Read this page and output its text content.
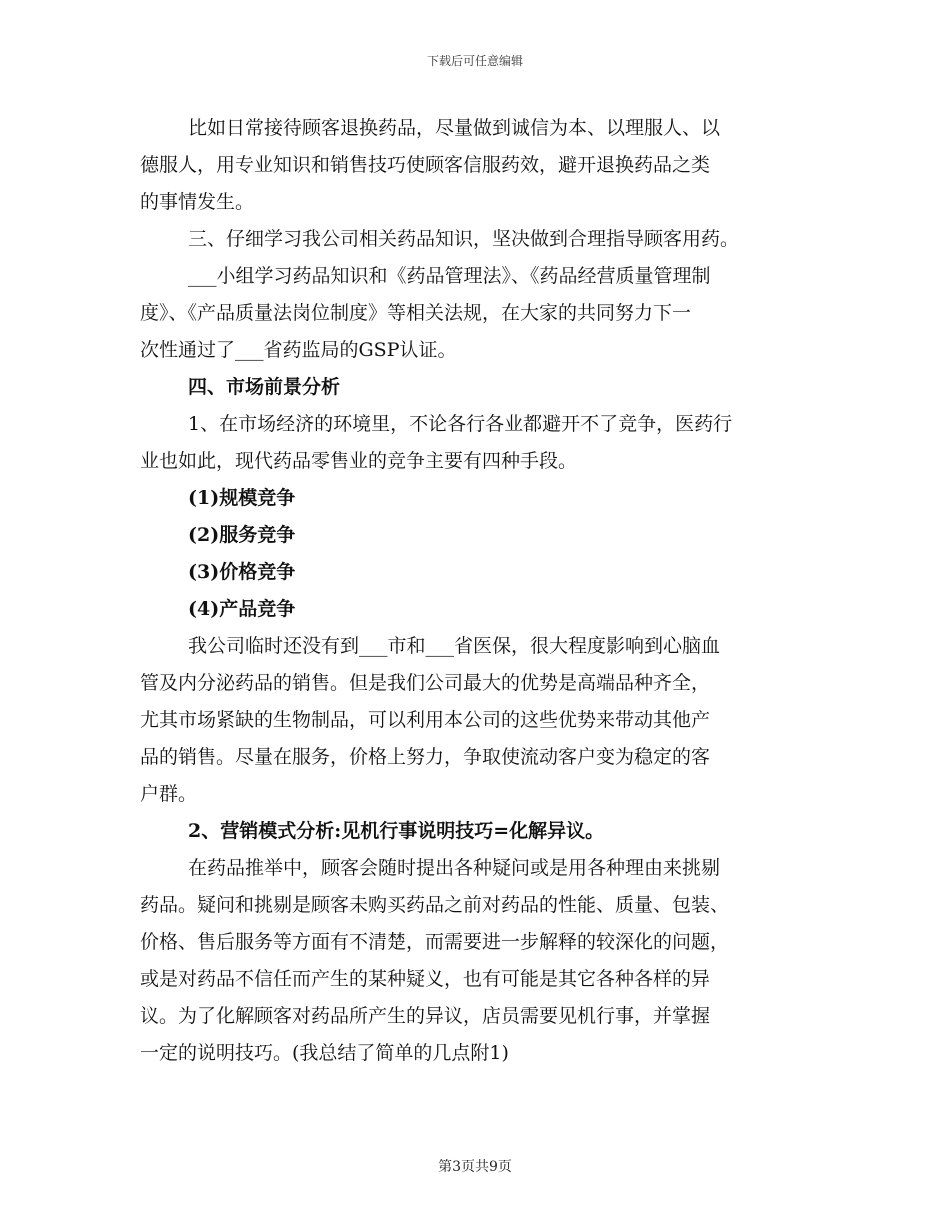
下载后可任意编辑

比如日常接待顾客退换药品，尽量做到诚信为本、以理服人、以

德服人，用专业知识和销售技巧使顾客信服药效，避开退换药品之类

的事情发生。

三、仔细学习我公司相关药品知识，坚决做到合理指导顾客用药。

___小组学习药品知识和《药品管理法》、《药品经营质量管理制

度》、《产品质量法岗位制度》等相关法规，在大家的共同努力下一

次性通过了___省药监局的GSP认证。

四、市场前景分析

1、在市场经济的环境里，不论各行各业都避开不了竞争，医药行

业也如此，现代药品零售业的竞争主要有四种手段。

(1)规模竞争

(2)服务竞争

(3)价格竞争

(4)产品竞争

我公司临时还没有到___市和___省医保，很大程度影响到心脑血

管及内分泌药品的销售。但是我们公司最大的优势是高端品种齐全，

尤其市场紧缺的生物制品，可以利用本公司的这些优势来带动其他产

品的销售。尽量在服务，价格上努力，争取使流动客户变为稳定的客

户群。

2、营销模式分析:见机行事说明技巧=化解异议。

在药品推举中，顾客会随时提出各种疑问或是用各种理由来挑剔

药品。疑问和挑剔是顾客未购买药品之前对药品的性能、质量、包装、

价格、售后服务等方面有不清楚，而需要进一步解释的较深化的问题，

或是对药品不信任而产生的某种疑义，也有可能是其它各种各样的异

议。为了化解顾客对药品所产生的异议，店员需要见机行事，并掌握

一定的说明技巧。(我总结了简单的几点附1)

第3页共9页
